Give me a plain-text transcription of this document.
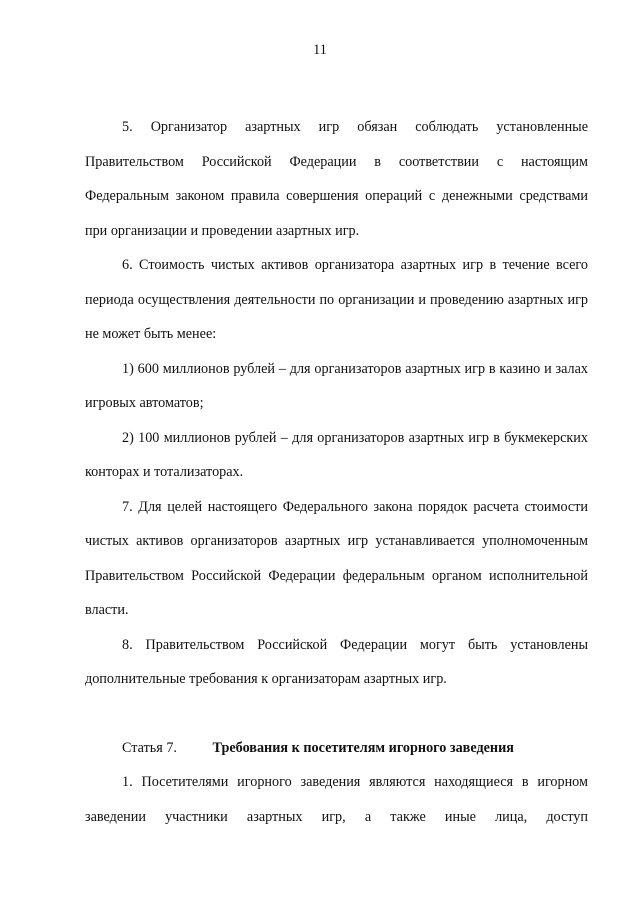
11

5. Организатор азартных игр обязан соблюдать установленные Правительством Российской Федерации в соответствии с настоящим Федеральным законом правила совершения операций с денежными средствами при организации и проведении азартных игр.

6. Стоимость чистых активов организатора азартных игр в течение всего периода осуществления деятельности по организации и проведению азартных игр не может быть менее:

1) 600 миллионов рублей – для организаторов азартных игр в казино и залах игровых автоматов;

2) 100 миллионов рублей – для организаторов азартных игр в букмекерских конторах и тотализаторах.

7. Для целей настоящего Федерального закона порядок расчета стоимости чистых активов организаторов азартных игр устанавливается уполномоченным Правительством Российской Федерации федеральным органом исполнительной власти.

8. Правительством Российской Федерации могут быть установлены дополнительные требования к организаторам азартных игр.

Статья 7.	Требования к посетителям игорного заведения

1. Посетителями игорного заведения являются находящиеся в игорном заведении участники азартных игр, а также иные лица, доступ
